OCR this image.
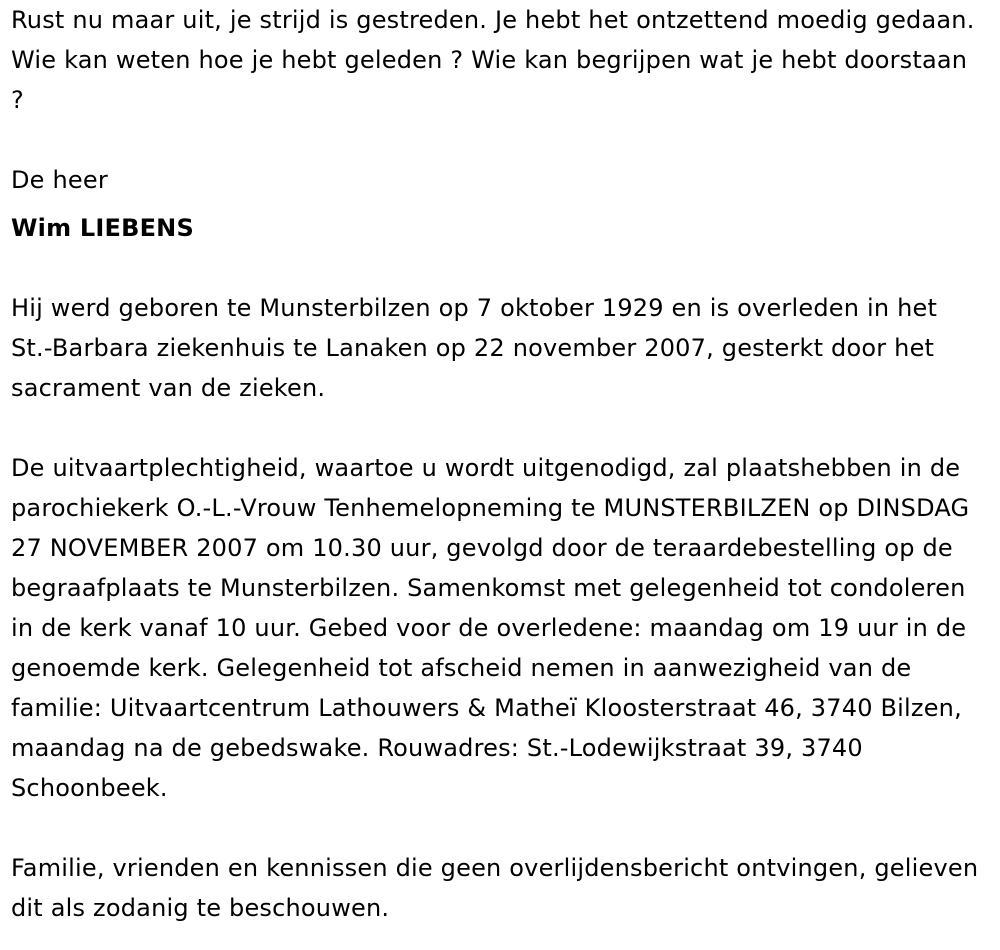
Rust nu maar uit, je strijd is gestreden. Je hebt het ontzettend moedig gedaan. Wie kan weten hoe je hebt geleden ? Wie kan begrijpen wat je hebt doorstaan ?

De heer

Wim LIEBENS

Hij werd geboren te Munsterbilzen op 7 oktober 1929 en is overleden in het St.-Barbara ziekenhuis te Lanaken op 22 november 2007, gesterkt door het sacrament van de zieken.

De uitvaartplechtigheid, waartoe u wordt uitgenodigd, zal plaatshebben in de parochiekerk O.-L.-Vrouw Tenhemelopneming te MUNSTERBILZEN op DINSDAG 27 NOVEMBER 2007 om 10.30 uur, gevolgd door de teraardebestelling op de begraafplaats te Munsterbilzen. Samenkomst met gelegenheid tot condoleren in de kerk vanaf 10 uur. Gebed voor de overledene: maandag om 19 uur in de genoemde kerk. Gelegenheid tot afscheid nemen in aanwezigheid van de familie: Uitvaartcentrum Lathouwers & Matheï Kloosterstraat 46, 3740 Bilzen, maandag na de gebedswake. Rouwadres: St.-Lodewijkstraat 39, 3740 Schoonbeek.

Familie, vrienden en kennissen die geen overlijdensbericht ontvingen, gelieven dit als zodanig te beschouwen.
